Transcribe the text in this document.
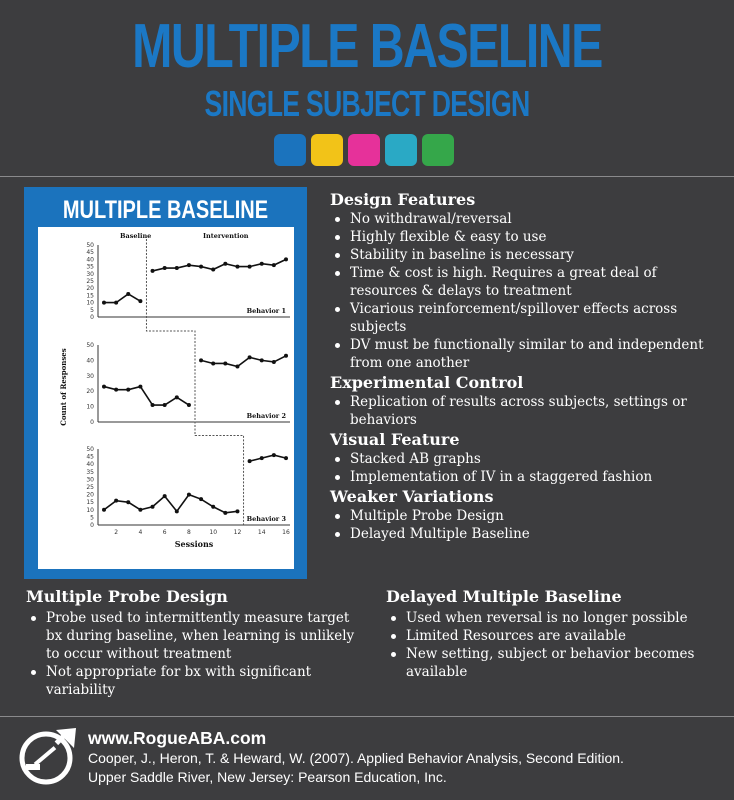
MULTIPLE BASELINE
SINGLE SUBJECT DESIGN
MULTIPLE BASELINE
0
5
10
15
20
25
30
35
40
45
50
Behavior 1
0
10
20
30
40
50
Behavior 2
0
5
10
15
20
25
30
35
40
45
50
Behavior 3
Baseline	Intervention
2	4	6	8	10	12	14	16
Sessions
Count of Responses
Design Features
No withdrawal/reversal
Highly flexible & easy to use
Stability in baseline is necessary
Time & cost is high. Requires a great deal of resources & delays to treatment
Vicarious reinforcement/spillover effects across subjects
DV must be functionally similar to and independent from one another
Experimental Control
Replication of results across subjects, settings or behaviors
Visual Feature
Stacked AB graphs
Implementation of IV in a staggered fashion
Weaker Variations
Multiple Probe Design
Delayed Multiple Baseline
Multiple Probe Design
Probe used to intermittently measure target bx during baseline, when learning is unlikely to occur without treatment
Not appropriate for bx with significant variability
Delayed Multiple Baseline
Used when reversal is no longer possible
Limited Resources are available
New setting, subject or behavior becomes available
www.RogueABA.com
Cooper, J., Heron, T. & Heward, W. (2007). Applied Behavior Analysis, Second Edition.
Upper Saddle River, New Jersey: Pearson Education, Inc.
